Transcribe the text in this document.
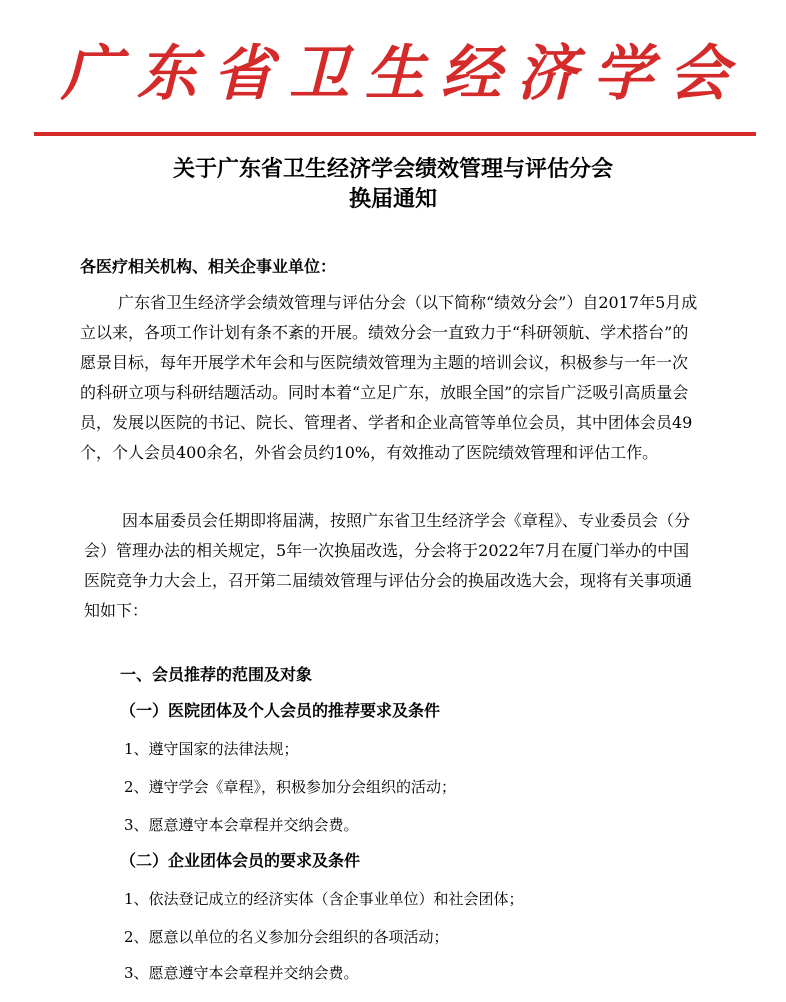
广东省卫生经济学会
关于广东省卫生经济学会绩效管理与评估分会
换届通知
各医疗相关机构、相关企事业单位：
广东省卫生经济学会绩效管理与评估分会（以下简称“绩效分会”）自2017年5月成立以来，各项工作计划有条不紊的开展。绩效分会一直致力于“科研领航、学术搭台”的愿景目标，每年开展学术年会和与医院绩效管理为主题的培训会议，积极参与一年一次的科研立项与科研结题活动。同时本着“立足广东，放眼全国”的宗旨广泛吸引高质量会员，发展以医院的书记、院长、管理者、学者和企业高管等单位会员，其中团体会员49个，个人会员400余名，外省会员约10%，有效推动了医院绩效管理和评估工作。
因本届委员会任期即将届满，按照广东省卫生经济学会《章程》、专业委员会（分会）管理办法的相关规定，5年一次换届改选，分会将于2022年7月在厦门举办的中国医院竞争力大会上，召开第二届绩效管理与评估分会的换届改选大会，现将有关事项通知如下：
一、会员推荐的范围及对象
（一）医院团体及个人会员的推荐要求及条件
1、遵守国家的法律法规；
2、遵守学会《章程》，积极参加分会组织的活动；
3、愿意遵守本会章程并交纳会费。
（二）企业团体会员的要求及条件
1、依法登记成立的经济实体（含企事业单位）和社会团体；
2、愿意以单位的名义参加分会组织的各项活动；
3、愿意遵守本会章程并交纳会费。
